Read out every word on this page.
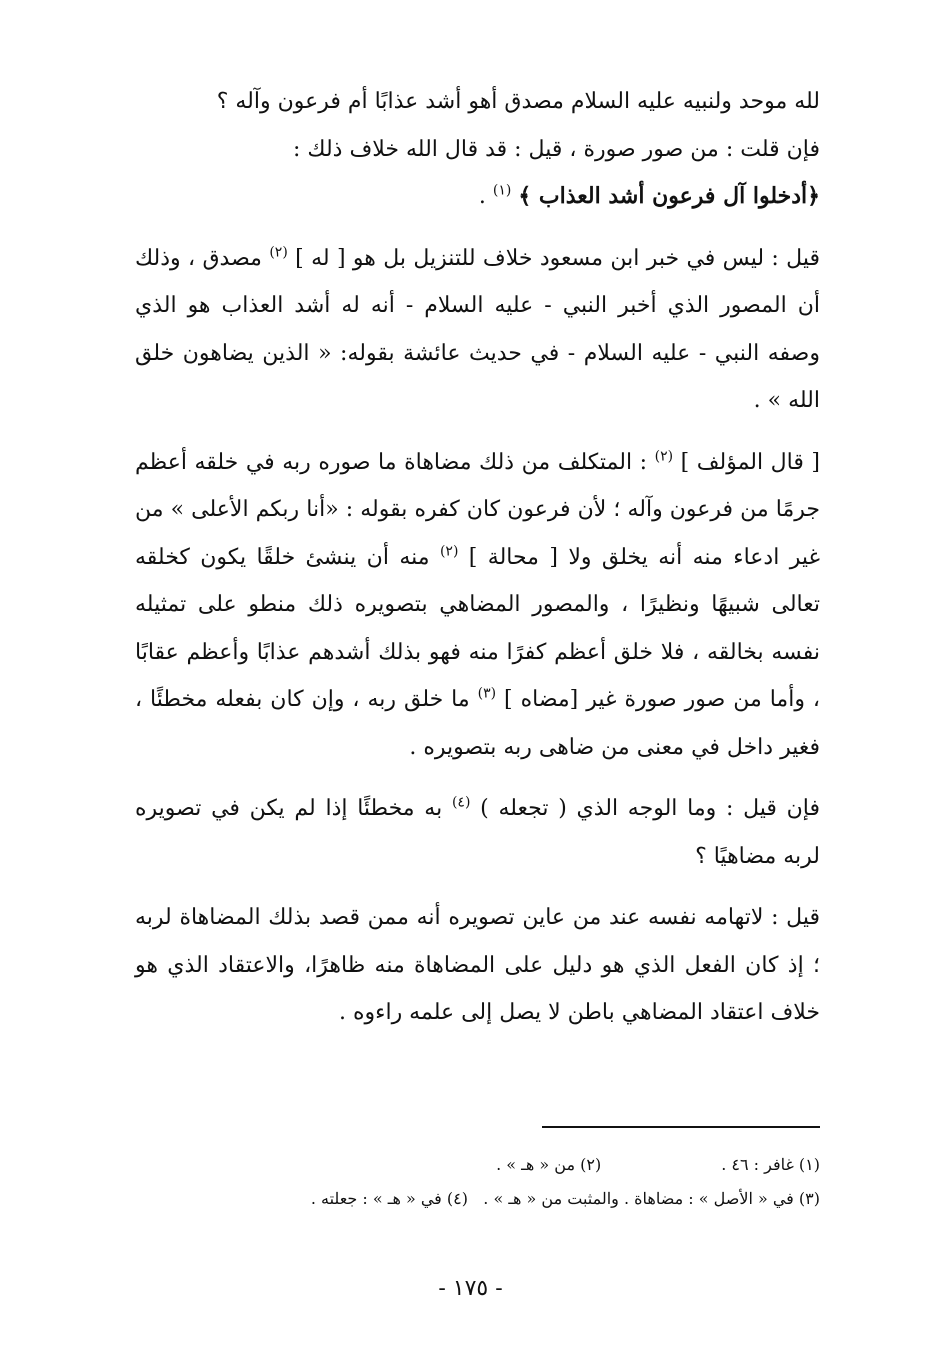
لله موحد ولنبيه عليه السلام مصدق أهو أشد عذابًا أم فرعون وآله ؟
فإن قلت : من صور صورة ، قيل : قد قال الله خلاف ذلك :
﴿أدخلوا آل فرعون أشد العذاب ﴾ $^{(١)}$ .

قيل : ليس في خبر ابن مسعود خلاف للتنزيل بل هو [ له ] $^{(٢)}$ مصدق ، وذلك أن المصور الذي أخبر النبي - عليه السلام - أنه له أشد العذاب هو الذي وصفه النبي - عليه السلام - في حديث عائشة بقوله: « الذين يضاهون خلق الله » .

[ قال المؤلف ] $^{(٢)}$ : المتكلف من ذلك مضاهاة ما صوره ربه في خلقه أعظم جرمًا من فرعون وآله ؛ لأن فرعون كان كفره بقوله : «أنا ربكم الأعلى » من غير ادعاء منه أنه يخلق ولا [ محالة ] $^{(٢)}$ منه أن ينشئ خلقًا يكون كخلقه تعالى شبيهًا ونظيرًا ، والمصور المضاهي بتصويره ذلك منطو على تمثيله نفسه بخالقه ، فلا خلق أعظم كفرًا منه فهو بذلك أشدهم عذابًا وأعظم عقابًا ، وأما من صور صورة غير [مضاه ] $^{(٣)}$ ما خلق ربه ، وإن كان بفعله مخطئًا ، فغير داخل في معنى من ضاهى ربه بتصويره .

فإن قيل : وما الوجه الذي ( تجعله ) $^{(٤)}$ به مخطئًا إذا لم يكن في تصويره لربه مضاهيًا ؟

قيل : لاتهامه نفسه عند من عاين تصويره أنه ممن قصد بذلك المضاهاة لربه ؛ إذ كان الفعل الذي هو دليل على المضاهاة منه ظاهرًا، والاعتقاد الذي هو خلاف اعتقاد المضاهي باطن لا يصل إلى علمه راءوه .

(١) غافر : ٤٦ .
(٢) من « هـ » .
(٣) في « الأصل » : مضاهاة . والمثبت من « هـ » .

(٤) في « هـ » : جعلته .
- ١٧٥ -
